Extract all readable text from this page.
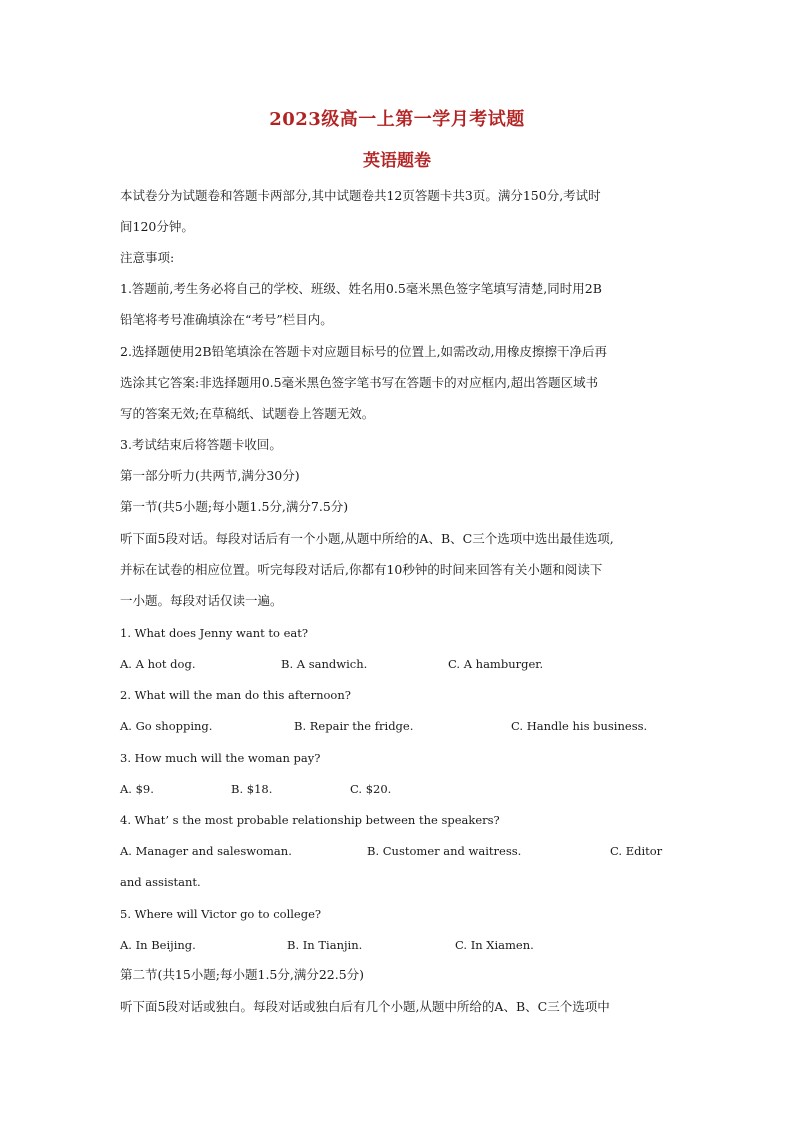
2023级高一上第一学月考试题
英语题卷
本试卷分为试题卷和答题卡两部分,其中试题卷共12页答题卡共3页。满分150分,考试时
间120分钟。
注意事项:
1.答题前,考生务必将自己的学校、班级、姓名用0.5毫米黑色签字笔填写清楚,同时用2B
铅笔将考号准确填涂在“考号”栏目内。
2.选择题使用2B铅笔填涂在答题卡对应题目标号的位置上,如需改动,用橡皮擦擦干净后再
选涂其它答案:非选择题用0.5毫米黑色签字笔书写在答题卡的对应框内,超出答题区域书
写的答案无效;在草稿纸、试题卷上答题无效。
3.考试结束后将答题卡收回。
第一部分听力(共两节,满分30分)
第一节(共5小题;每小题1.5分,满分7.5分)
听下面5段对话。每段对话后有一个小题,从题中所给的A、B、C三个选项中选出最佳选项,
并标在试卷的相应位置。听完每段对话后,你都有10秒钟的时间来回答有关小题和阅读下
一小题。每段对话仅读一遍。
1. What does Jenny want to eat?
A. A hot dog.	B. A sandwich.	C. A hamburger.
2. What will the man do this afternoon?
A. Go shopping.	B. Repair the fridge.	C. Handle his business.
3. How much will the woman pay?
A. $9.	B. $18.	C. $20.
4. What’ s the most probable relationship between the speakers?
A. Manager and saleswoman.	B. Customer and waitress.	C. Editor
and assistant.
5. Where will Victor go to college?
A. In Beijing.	B. In Tianjin.	C. In Xiamen.
第二节(共15小题;每小题1.5分,满分22.5分)
听下面5段对话或独白。每段对话或独白后有几个小题,从题中所给的A、B、C三个选项中
